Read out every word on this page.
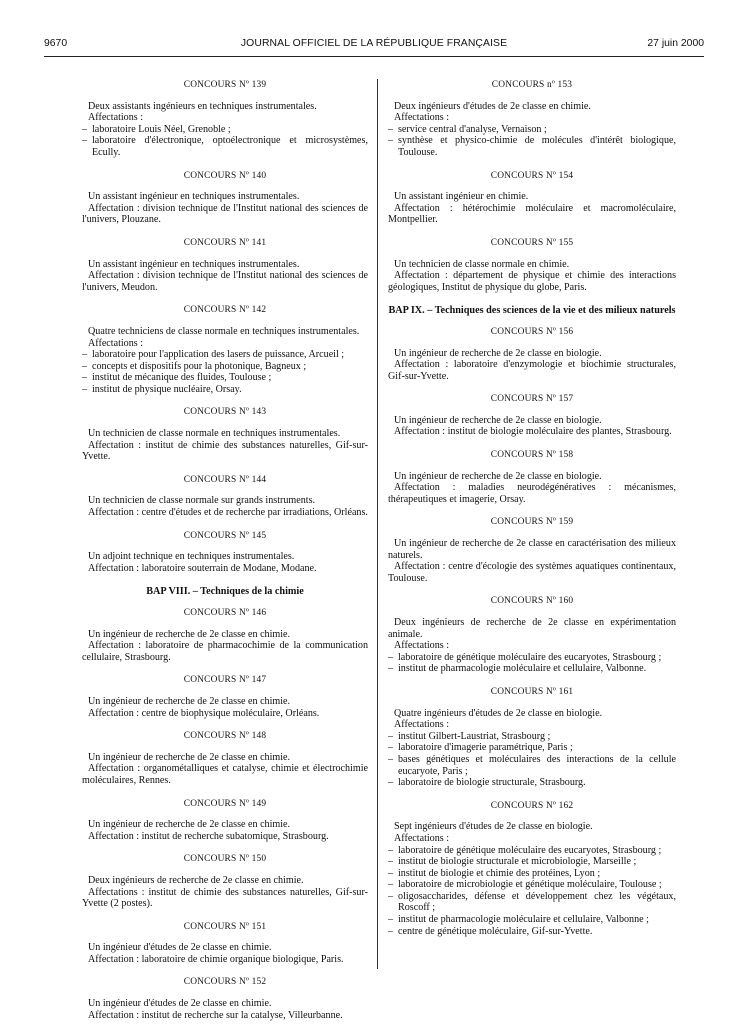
9670	JOURNAL OFFICIEL DE LA RÉPUBLIQUE FRANÇAISE	27 juin 2000
CONCOURS Nº 139

Deux assistants ingénieurs en techniques instrumentales.

Affectations :

– laboratoire Louis Néel, Grenoble ;

– laboratoire d'électronique, optoélectronique et microsystèmes, Ecully.

CONCOURS Nº 140

Un assistant ingénieur en techniques instrumentales.

Affectation : division technique de l'Institut national des sciences de l'univers, Plouzane.

CONCOURS Nº 141

Un assistant ingénieur en techniques instrumentales.

Affectation : division technique de l'Institut national des sciences de l'univers, Meudon.

CONCOURS Nº 142

Quatre techniciens de classe normale en techniques instrumentales.

Affectations :

– laboratoire pour l'application des lasers de puissance, Arcueil ;

– concepts et dispositifs pour la photonique, Bagneux ;

– institut de mécanique des fluides, Toulouse ;

– institut de physique nucléaire, Orsay.

CONCOURS Nº 143

Un technicien de classe normale en techniques instrumentales.

Affectation : institut de chimie des substances naturelles, Gif-sur-Yvette.

CONCOURS Nº 144

Un technicien de classe normale sur grands instruments.

Affectation : centre d'études et de recherche par irradiations, Orléans.

CONCOURS Nº 145

Un adjoint technique en techniques instrumentales.

Affectation : laboratoire souterrain de Modane, Modane.

BAP VIII. – Techniques de la chimie
CONCOURS Nº 146

Un ingénieur de recherche de 2e classe en chimie.

Affectation : laboratoire de pharmacochimie de la communication cellulaire, Strasbourg.

CONCOURS Nº 147

Un ingénieur de recherche de 2e classe en chimie.

Affectation : centre de biophysique moléculaire, Orléans.

CONCOURS Nº 148

Un ingénieur de recherche de 2e classe en chimie.

Affectation : organométalliques et catalyse, chimie et électrochimie moléculaires, Rennes.

CONCOURS Nº 149

Un ingénieur de recherche de 2e classe en chimie.

Affectation : institut de recherche subatomique, Strasbourg.

CONCOURS Nº 150

Deux ingénieurs de recherche de 2e classe en chimie.

Affectations : institut de chimie des substances naturelles, Gif-sur-Yvette (2 postes).

CONCOURS Nº 151

Un ingénieur d'études de 2e classe en chimie.

Affectation : laboratoire de chimie organique biologique, Paris.

CONCOURS Nº 152

Un ingénieur d'études de 2e classe en chimie.

Affectation : institut de recherche sur la catalyse, Villeurbanne.

CONCOURS nº 153

Deux ingénieurs d'études de 2e classe en chimie.

Affectations :

– service central d'analyse, Vernaison ;

– synthèse et physico-chimie de molécules d'intérêt biologique, Toulouse.

CONCOURS Nº 154

Un assistant ingénieur en chimie.

Affectation : hétérochimie moléculaire et macromoléculaire, Montpellier.

CONCOURS Nº 155

Un technicien de classe normale en chimie.

Affectation : département de physique et chimie des interactions géologiques, Institut de physique du globe, Paris.

BAP IX. – Techniques des sciences de la vie et des milieux naturels
CONCOURS Nº 156

Un ingénieur de recherche de 2e classe en biologie.

Affectation : laboratoire d'enzymologie et biochimie structurales, Gif-sur-Yvette.

CONCOURS Nº 157

Un ingénieur de recherche de 2e classe en biologie.

Affectation : institut de biologie moléculaire des plantes, Strasbourg.

CONCOURS Nº 158

Un ingénieur de recherche de 2e classe en biologie.

Affectation : maladies neurodégénératives : mécanismes, thérapeutiques et imagerie, Orsay.

CONCOURS Nº 159

Un ingénieur de recherche de 2e classe en caractérisation des milieux naturels.

Affectation : centre d'écologie des systèmes aquatiques continentaux, Toulouse.

CONCOURS Nº 160

Deux ingénieurs de recherche de 2e classe en expérimentation animale.

Affectations :

– laboratoire de génétique moléculaire des eucaryotes, Strasbourg ;

– institut de pharmacologie moléculaire et cellulaire, Valbonne.

CONCOURS Nº 161

Quatre ingénieurs d'études de 2e classe en biologie.

Affectations :

– institut Gilbert-Laustriat, Strasbourg ;

– laboratoire d'imagerie paramétrique, Paris ;

– bases génétiques et moléculaires des interactions de la cellule eucaryote, Paris ;

– laboratoire de biologie structurale, Strasbourg.

CONCOURS Nº 162

Sept ingénieurs d'études de 2e classe en biologie.

Affectations :

– laboratoire de génétique moléculaire des eucaryotes, Strasbourg ;

– institut de biologie structurale et microbiologie, Marseille ;

– institut de biologie et chimie des protéines, Lyon ;

– laboratoire de microbiologie et génétique moléculaire, Toulouse ;

– oligosaccharides, défense et développement chez les végétaux, Roscoff ;

– institut de pharmacologie moléculaire et cellulaire, Valbonne ;

– centre de génétique moléculaire, Gif-sur-Yvette.
